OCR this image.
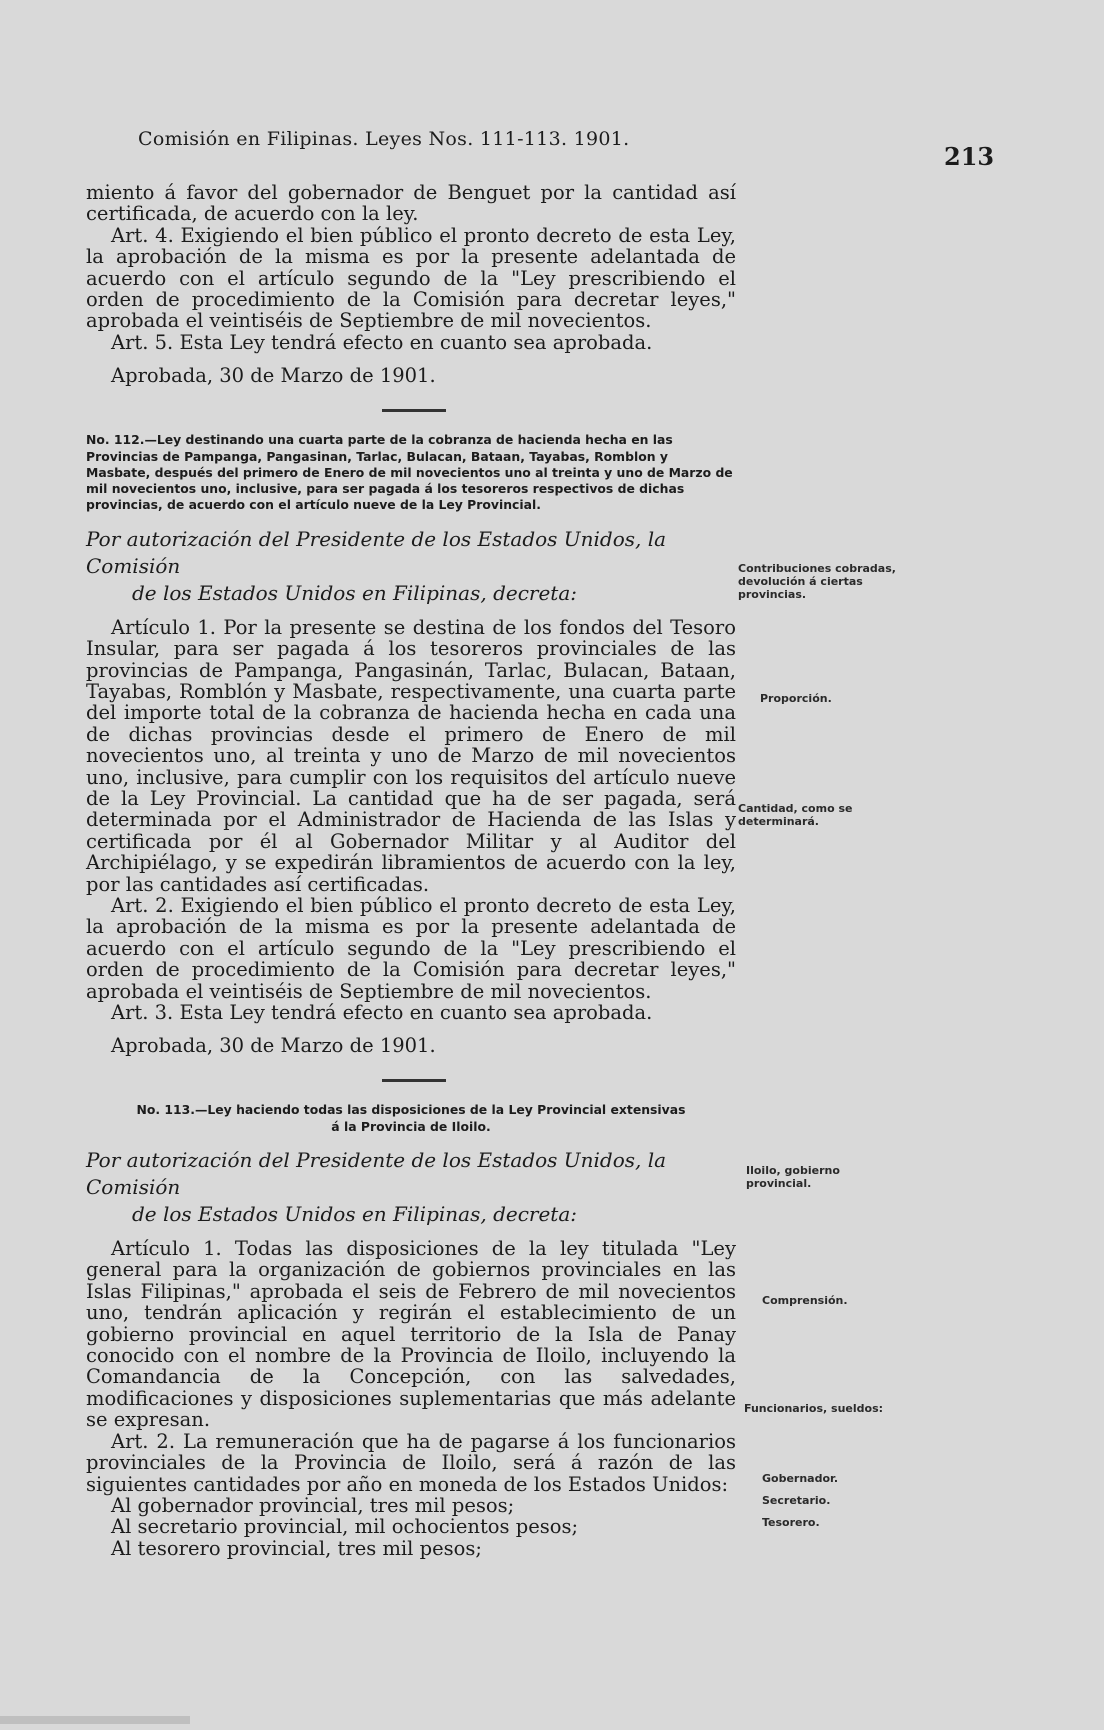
Comisión en Filipinas. Leyes Nos. 111-113. 1901.
213

miento á favor del gobernador de Benguet por la cantidad así certificada, de acuerdo con la ley.

Art. 4. Exigiendo el bien público el pronto decreto de esta Ley, la aprobación de la misma es por la presente adelantada de acuerdo con el artículo segundo de la "Ley prescribiendo el orden de procedimiento de la Comisión para decretar leyes," aprobada el veintiséis de Septiembre de mil novecientos.

Art. 5. Esta Ley tendrá efecto en cuanto sea aprobada.

Aprobada, 30 de Marzo de 1901.

No. 112.—Ley destinando una cuarta parte de la cobranza de hacienda hecha en las Provincias de Pampanga, Pangasinan, Tarlac, Bulacan, Bataan, Tayabas, Romblon y Masbate, después del primero de Enero de mil novecientos uno al treinta y uno de Marzo de mil novecientos uno, inclusive, para ser pagada á los tesoreros respectivos de dichas provincias, de acuerdo con el artículo nueve de la Ley Provincial.

Por autorización del Presidente de los Estados Unidos, la Comisión
de los Estados Unidos en Filipinas, decreta:

Artículo 1. Por la presente se destina de los fondos del Tesoro Insular, para ser pagada á los tesoreros provinciales de las provincias de Pampanga, Pangasinán, Tarlac, Bulacan, Bataan, Tayabas, Romblón y Masbate, respectivamente, una cuarta parte del importe total de la cobranza de hacienda hecha en cada una de dichas provincias desde el primero de Enero de mil novecientos uno, al treinta y uno de Marzo de mil novecientos uno, inclusive, para cumplir con los requisitos del artículo nueve de la Ley Provincial. La cantidad que ha de ser pagada, será determinada por el Administrador de Hacienda de las Islas y certificada por él al Gobernador Militar y al Auditor del Archipiélago, y se expedirán libramientos de acuerdo con la ley, por las cantidades así certificadas.

Art. 2. Exigiendo el bien público el pronto decreto de esta Ley, la aprobación de la misma es por la presente adelantada de acuerdo con el artículo segundo de la "Ley prescribiendo el orden de procedimiento de la Comisión para decretar leyes," aprobada el veintiséis de Septiembre de mil novecientos.

Art. 3. Esta Ley tendrá efecto en cuanto sea aprobada.

Aprobada, 30 de Marzo de 1901.

No. 113.—Ley haciendo todas las disposiciones de la Ley Provincial extensivas
á la Provincia de Iloilo.

Por autorización del Presidente de los Estados Unidos, la Comisión
de los Estados Unidos en Filipinas, decreta:

Artículo 1. Todas las disposiciones de la ley titulada "Ley general para la organización de gobiernos provinciales en las Islas Filipinas," aprobada el seis de Febrero de mil novecientos uno, tendrán aplicación y regirán el establecimiento de un gobierno provincial en aquel territorio de la Isla de Panay conocido con el nombre de la Provincia de Iloilo, incluyendo la Comandancia de la Concepción, con las salvedades, modificaciones y disposiciones suplementarias que más adelante se expresan.

Art. 2. La remuneración que ha de pagarse á los funcionarios provinciales de la Provincia de Iloilo, será á razón de las siguientes cantidades por año en moneda de los Estados Unidos:

Al gobernador provincial, tres mil pesos;

Al secretario provincial, mil ochocientos pesos;

Al tesorero provincial, tres mil pesos;

Contribuciones cobradas, devolución á ciertas provincias.
Proporción.
Cantidad, como se determinará.
Iloilo, gobierno provincial.
Comprensión.
Funcionarios, sueldos:
Gobernador.
Secretario.
Tesorero.
